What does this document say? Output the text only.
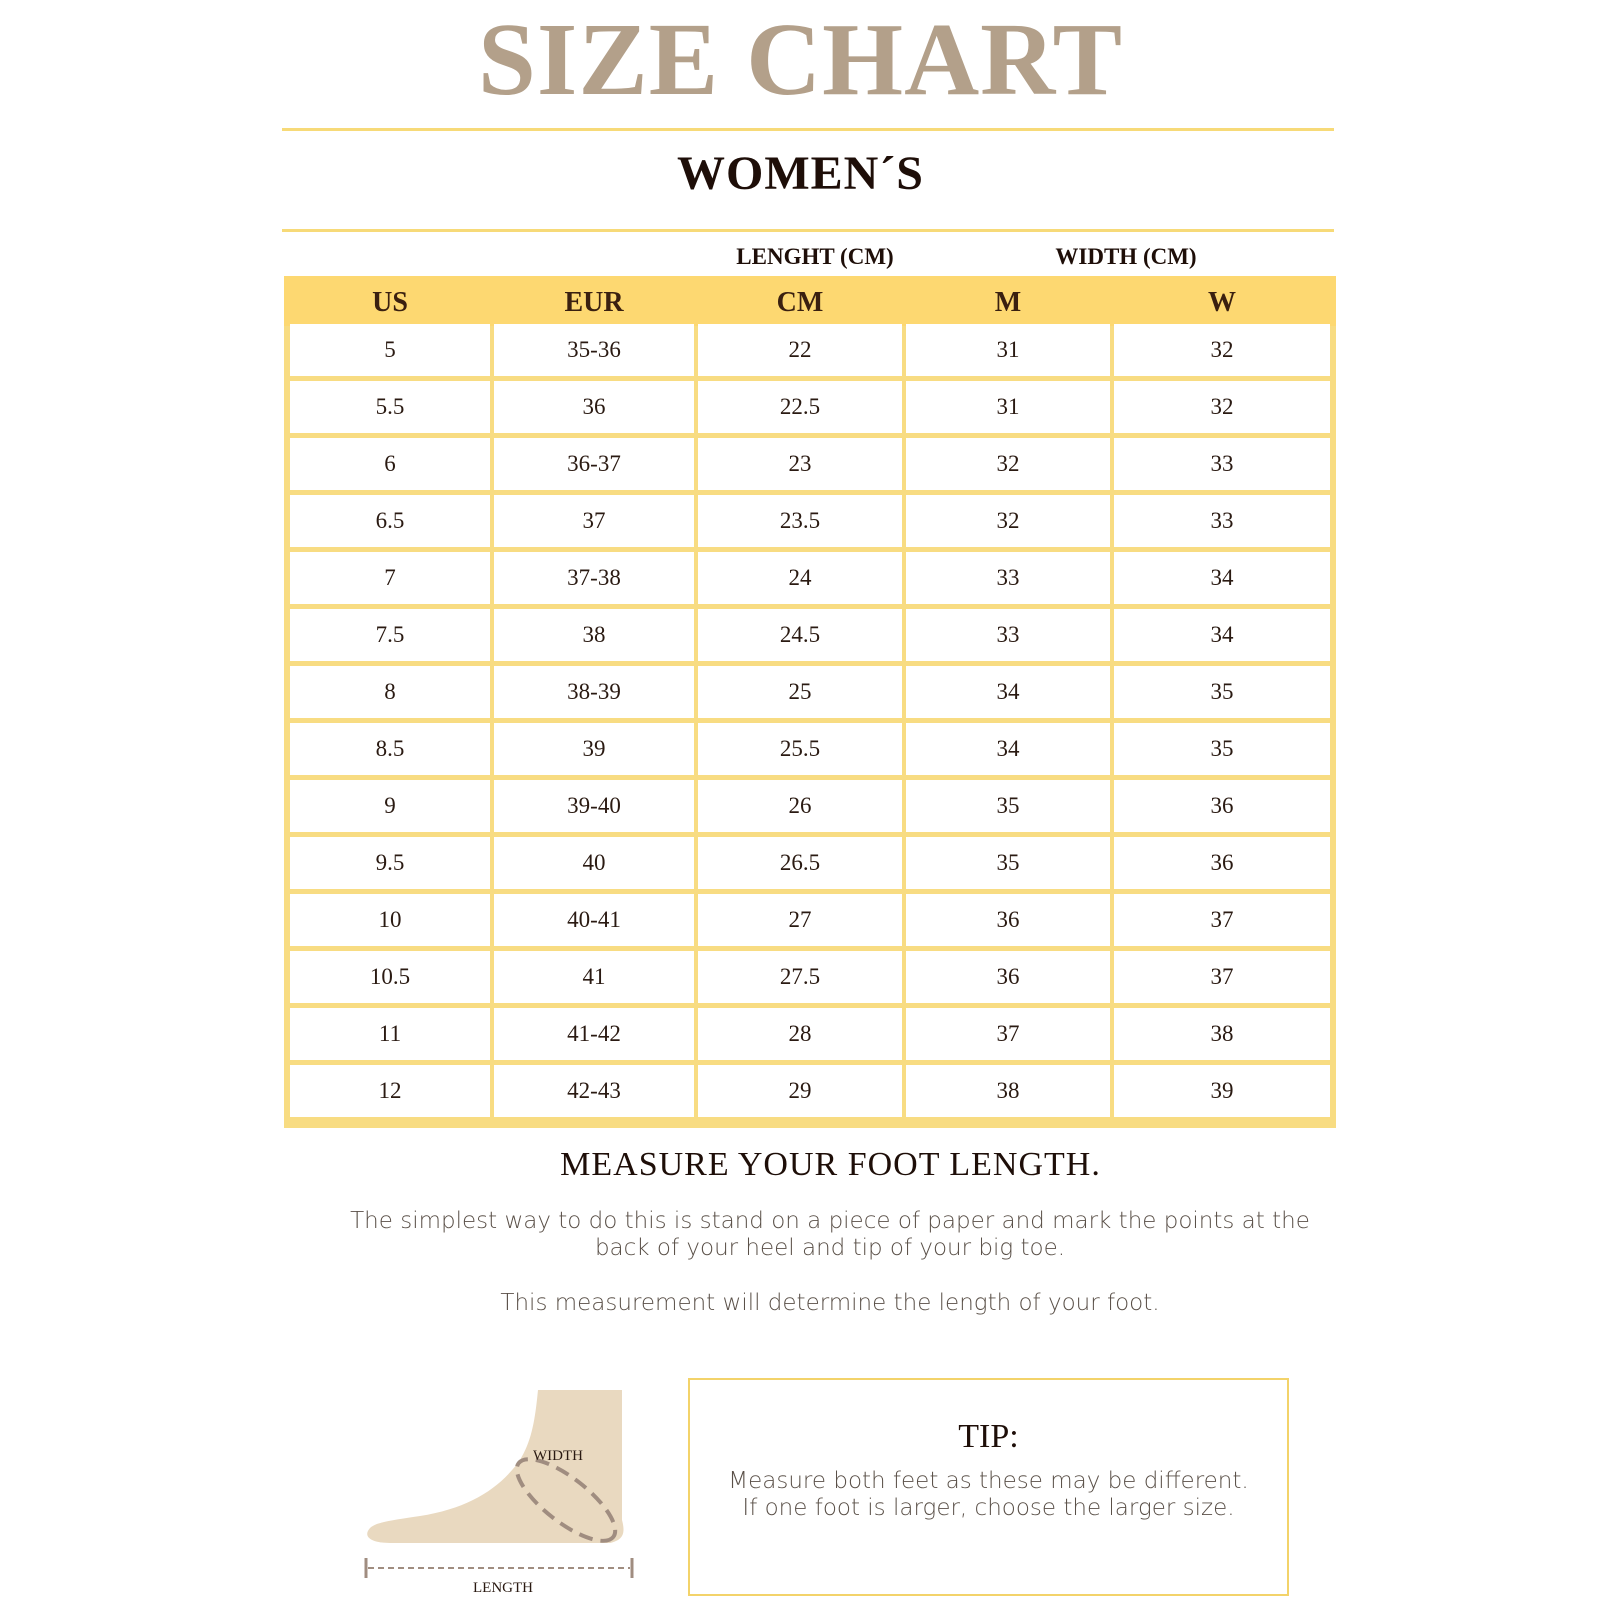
SIZE CHART
WOMEN´S
LENGHT (CM)	WIDTH (CM)
US	EUR	CM	M	W
5	35-36	22	31	32
5.5	36	22.5	31	32
6	36-37	23	32	33
6.5	37	23.5	32	33
7	37-38	24	33	34
7.5	38	24.5	33	34
8	38-39	25	34	35
8.5	39	25.5	34	35
9	39-40	26	35	36
9.5	40	26.5	35	36
10	40-41	27	36	37
10.5	41	27.5	36	37
11	41-42	28	37	38
12	42-43	29	38	39
MEASURE YOUR FOOT LENGTH.
The simplest way to do this is stand on a piece of paper and mark the points at the back of your heel and tip of your big toe.
This measurement will determine the length of your foot.
WIDTH
LENGTH
TIP:
Measure both feet as these may be different.
If one foot is larger, choose the larger size.
